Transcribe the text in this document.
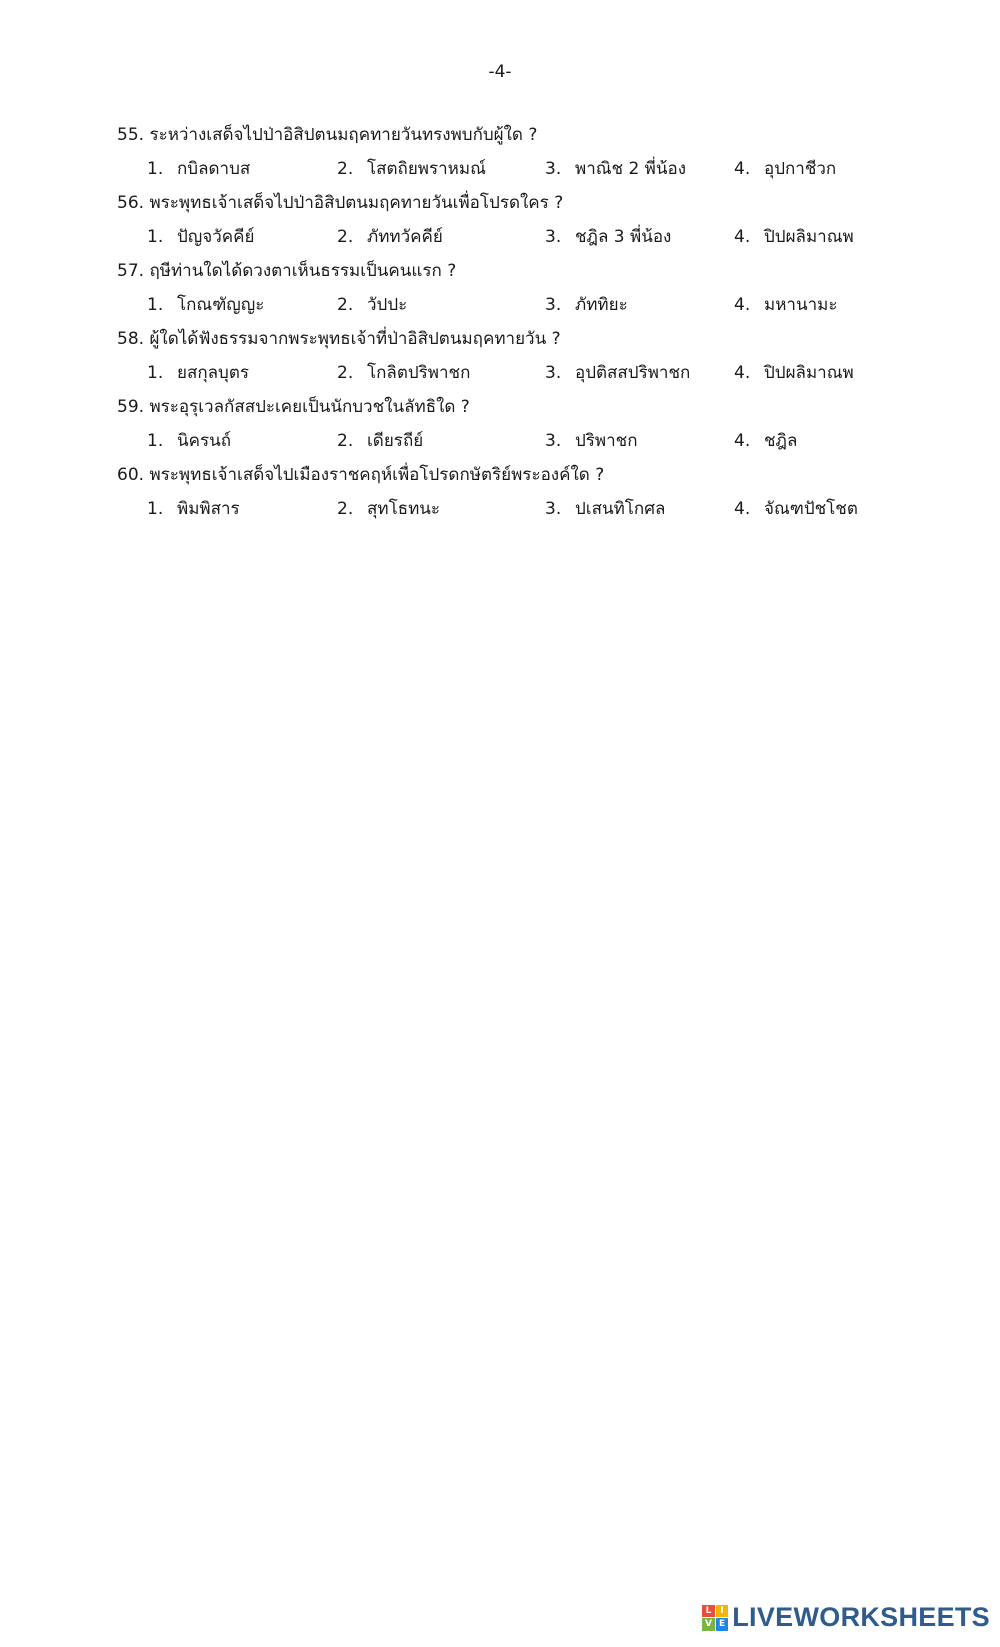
-4-
55. ระหว่างเสด็จไปป่าอิสิปตนมฤคทายวันทรงพบกับผู้ใด ?
1. กบิลดาบส	2. โสตถิยพราหมณ์	3. พาณิช 2 พี่น้อง	4. อุปกาชีวก
56. พระพุทธเจ้าเสด็จไปป่าอิสิปตนมฤคทายวันเพื่อโปรดใคร ?
1. ปัญจวัคคีย์	2. ภัททวัคคีย์	3. ชฎิล 3 พี่น้อง	4. ปิปผลิมาณพ
57. ฤษีท่านใดได้ดวงตาเห็นธรรมเป็นคนแรก ?
1. โกณฑัญญะ	2. วัปปะ	3. ภัททิยะ	4. มหานามะ
58. ผู้ใดได้ฟังธรรมจากพระพุทธเจ้าที่ป่าอิสิปตนมฤคทายวัน ?
1. ยสกุลบุตร	2. โกลิตปริพาชก	3. อุปติสสปริพาชก	4. ปิปผลิมาณพ
59. พระอุรุเวลกัสสปะเคยเป็นนักบวชในลัทธิใด ?
1. นิครนถ์	2. เดียรถีย์	3. ปริพาชก	4. ชฎิล
60. พระพุทธเจ้าเสด็จไปเมืองราชคฤห์เพื่อโปรดกษัตริย์พระองค์ใด ?
1. พิมพิสาร	2. สุทโธทนะ	3. ปเสนทิโกศล	4. จัณฑปัชโชต
L I
V E LIVEWORKSHEETS
